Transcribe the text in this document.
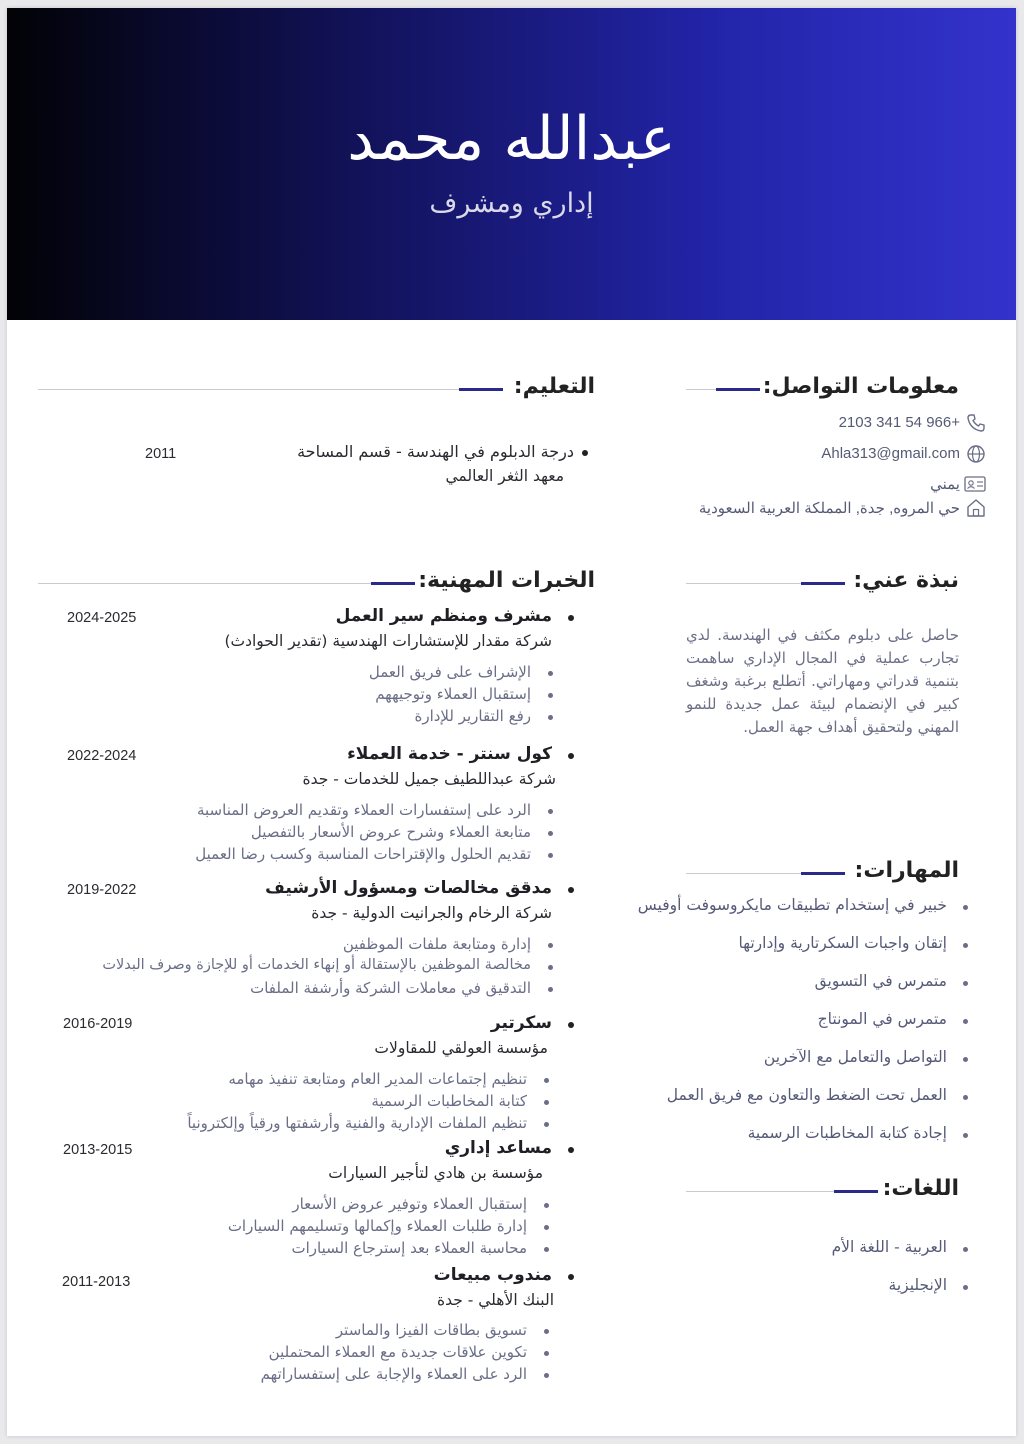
عبدالله محمد
إداري ومشرف
معلومات التواصل:
+966 54 341 2103
Ahla313@gmail.com
يمني
حي المروه, جدة, المملكة العربية السعودية
نبذة عني:
حاصل على دبلوم مكثف في الهندسة. لدي تجارب عملية في المجال الإداري ساهمت بتنمية قدراتي ومهاراتي. أتطلع برغبة وشغف كبير في الإنضمام لبيئة عمل جديدة للنمو المهني ولتحقيق أهداف جهة العمل.
المهارات:
خبير في إستخدام تطبيقات مايكروسوفت أوفيس
إتقان واجبات السكرتارية وإدارتها
متمرس في التسويق
متمرس في المونتاج
التواصل والتعامل مع الآخرين
العمل تحت الضغط والتعاون مع فريق العمل
إجادة كتابة المخاطبات الرسمية
اللغات:
العربية - اللغة الأم
الإنجليزية
التعليم:
درجة الدبلوم في الهندسة - قسم المساحة
معهد الثغر العالمي
2011
الخبرات المهنية:
مشرف ومنظم سير العمل
شركة مقدار للإستشارات الهندسية (تقدير الحوادث)
2024-2025
الإشراف على فريق العمل
إستقبال العملاء وتوجيههم
رفع التقارير للإدارة
كول سنتر - خدمة العملاء
شركة عبداللطيف جميل للخدمات - جدة
2022-2024
الرد على إستفسارات العملاء وتقديم العروض المناسبة
متابعة العملاء وشرح عروض الأسعار بالتفصيل
تقديم الحلول والإقتراحات المناسبة وكسب رضا العميل
مدقق مخالصات ومسؤول الأرشيف
شركة الرخام والجرانيت الدولية - جدة
2019-2022
إدارة ومتابعة ملفات الموظفين
مخالصة الموظفين بالإستقالة أو إنهاء الخدمات أو للإجازة وصرف البدلات
التدقيق في معاملات الشركة وأرشفة الملفات
سكرتير
مؤسسة العولقي للمقاولات
2016-2019
تنظيم إجتماعات المدير العام ومتابعة تنفيذ مهامه
كتابة المخاطبات الرسمية
تنظيم الملفات الإدارية والفنية وأرشفتها ورقياً وإلكترونياً
مساعد إداري
مؤسسة بن هادي لتأجير السيارات
2013-2015
إستقبال العملاء وتوفير عروض الأسعار
إدارة طلبات العملاء وإكمالها وتسليمهم السيارات
محاسبة العملاء بعد إسترجاع السيارات
مندوب مبيعات
البنك الأهلي - جدة
2011-2013
تسويق بطاقات الفيزا والماستر
تكوين علاقات جديدة مع العملاء المحتملين
الرد على العملاء والإجابة على إستفساراتهم
